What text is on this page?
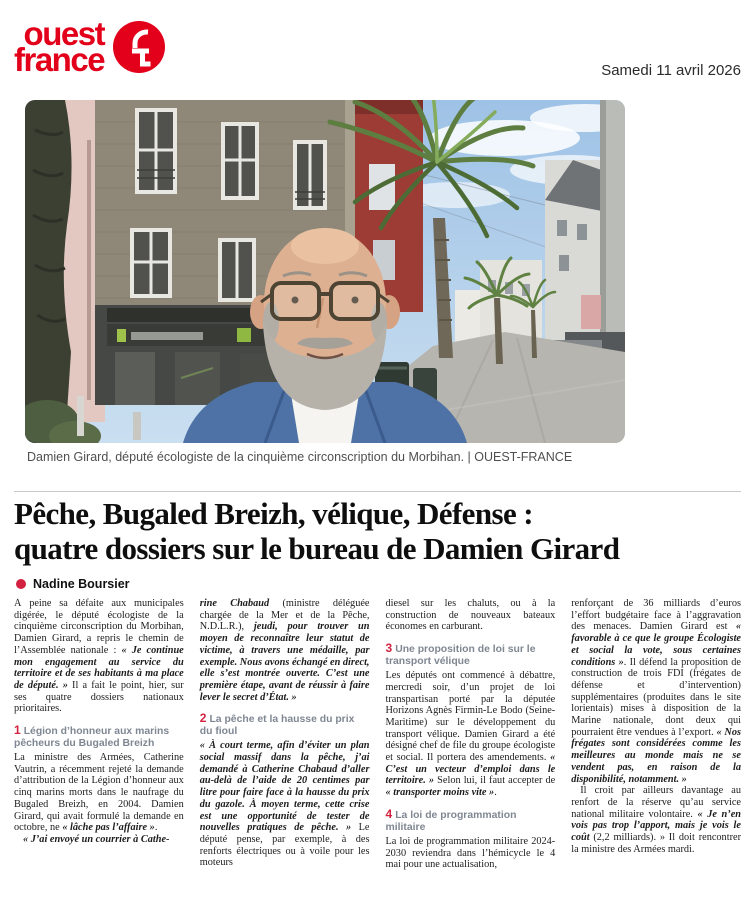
ouest
france	Samedi 11 avril 2026
Damien Girard, député écologiste de la cinquième circonscription du Morbihan. | OUEST-FRANCE
Pêche, Bugaled Breizh, vélique, Défense :
quatre dossiers sur le bureau de Damien Girard
Nadine Boursier

À peine sa défaite aux municipales digérée, le député écologiste de la cinquième circonscription du Morbihan, Damien Girard, a repris le chemin de l’Assemblée nationale : « Je continue mon engagement au service du territoire et de ses habitants à ma place de député. » Il a fait le point, hier, sur ses quatre dossiers nationaux prioritaires.

1 Légion d’honneur aux marins pêcheurs du Bugaled Breizh

La ministre des Armées, Catherine Vautrin, a récemment rejeté la demande d’attribution de la Légion d’honneur aux cinq marins morts dans le naufrage du Bugaled Breizh, en 2004. Damien Girard, qui avait formulé la demande en octobre, ne « lâche pas l’affaire ».

« J’ai envoyé un courrier à Cathe-

rine Chabaud (ministre déléguée chargée de la Mer et de la Pêche, N.D.L.R.), jeudi, pour trouver un moyen de reconnaître leur statut de victime, à travers une médaille, par exemple. Nous avons échangé en direct, elle s’est montrée ouverte. C’est une première étape, avant de réussir à faire lever le secret d’État. »

2 La pêche et la hausse du prix du fioul

« À court terme, afin d’éviter un plan social massif dans la pêche, j’ai demandé à Catherine Chabaud d’aller au-delà de l’aide de 20 centimes par litre pour faire face à la hausse du prix du gazole. À moyen terme, cette crise est une opportunité de tester de nouvelles pratiques de pêche. » Le député pense, par exemple, à des renforts électriques ou à voile pour les moteurs

diesel sur les chaluts, ou à la construction de nouveaux bateaux économes en carburant.

3 Une proposition de loi sur le transport vélique

Les députés ont commencé à débattre, mercredi soir, d’un projet de loi transpartisan porté par la députée Horizons Agnès Firmin-Le Bodo (Seine-Maritime) sur le développement du transport vélique. Damien Girard a été désigné chef de file du groupe écologiste et social. Il portera des amendements. « C’est un vecteur d’emploi dans le territoire. » Selon lui, il faut accepter de « transporter moins vite ».

4 La loi de programmation militaire

La loi de programmation militaire 2024-2030 reviendra dans l’hémicycle le 4 mai pour une actualisation,

renforçant de 36 milliards d’euros l’effort budgétaire face à l’aggravation des menaces. Damien Girard est « favorable à ce que le groupe Écologiste et social la vote, sous certaines conditions ». Il défend la proposition de construction de trois FDI (frégates de défense et d’intervention) supplémentaires (produites dans le site lorientais) mises à disposition de la Marine nationale, dont deux qui pourraient être vendues à l’export. « Nos frégates sont considérées comme les meilleures au monde mais ne se vendent pas, en raison de la disponibilité, notamment. »

Il croit par ailleurs davantage au renfort de la réserve qu’au service national militaire volontaire. « Je n’en vois pas trop l’apport, mais je vois le coût (2,2 milliards). » Il doit rencontrer la ministre des Armées mardi.
